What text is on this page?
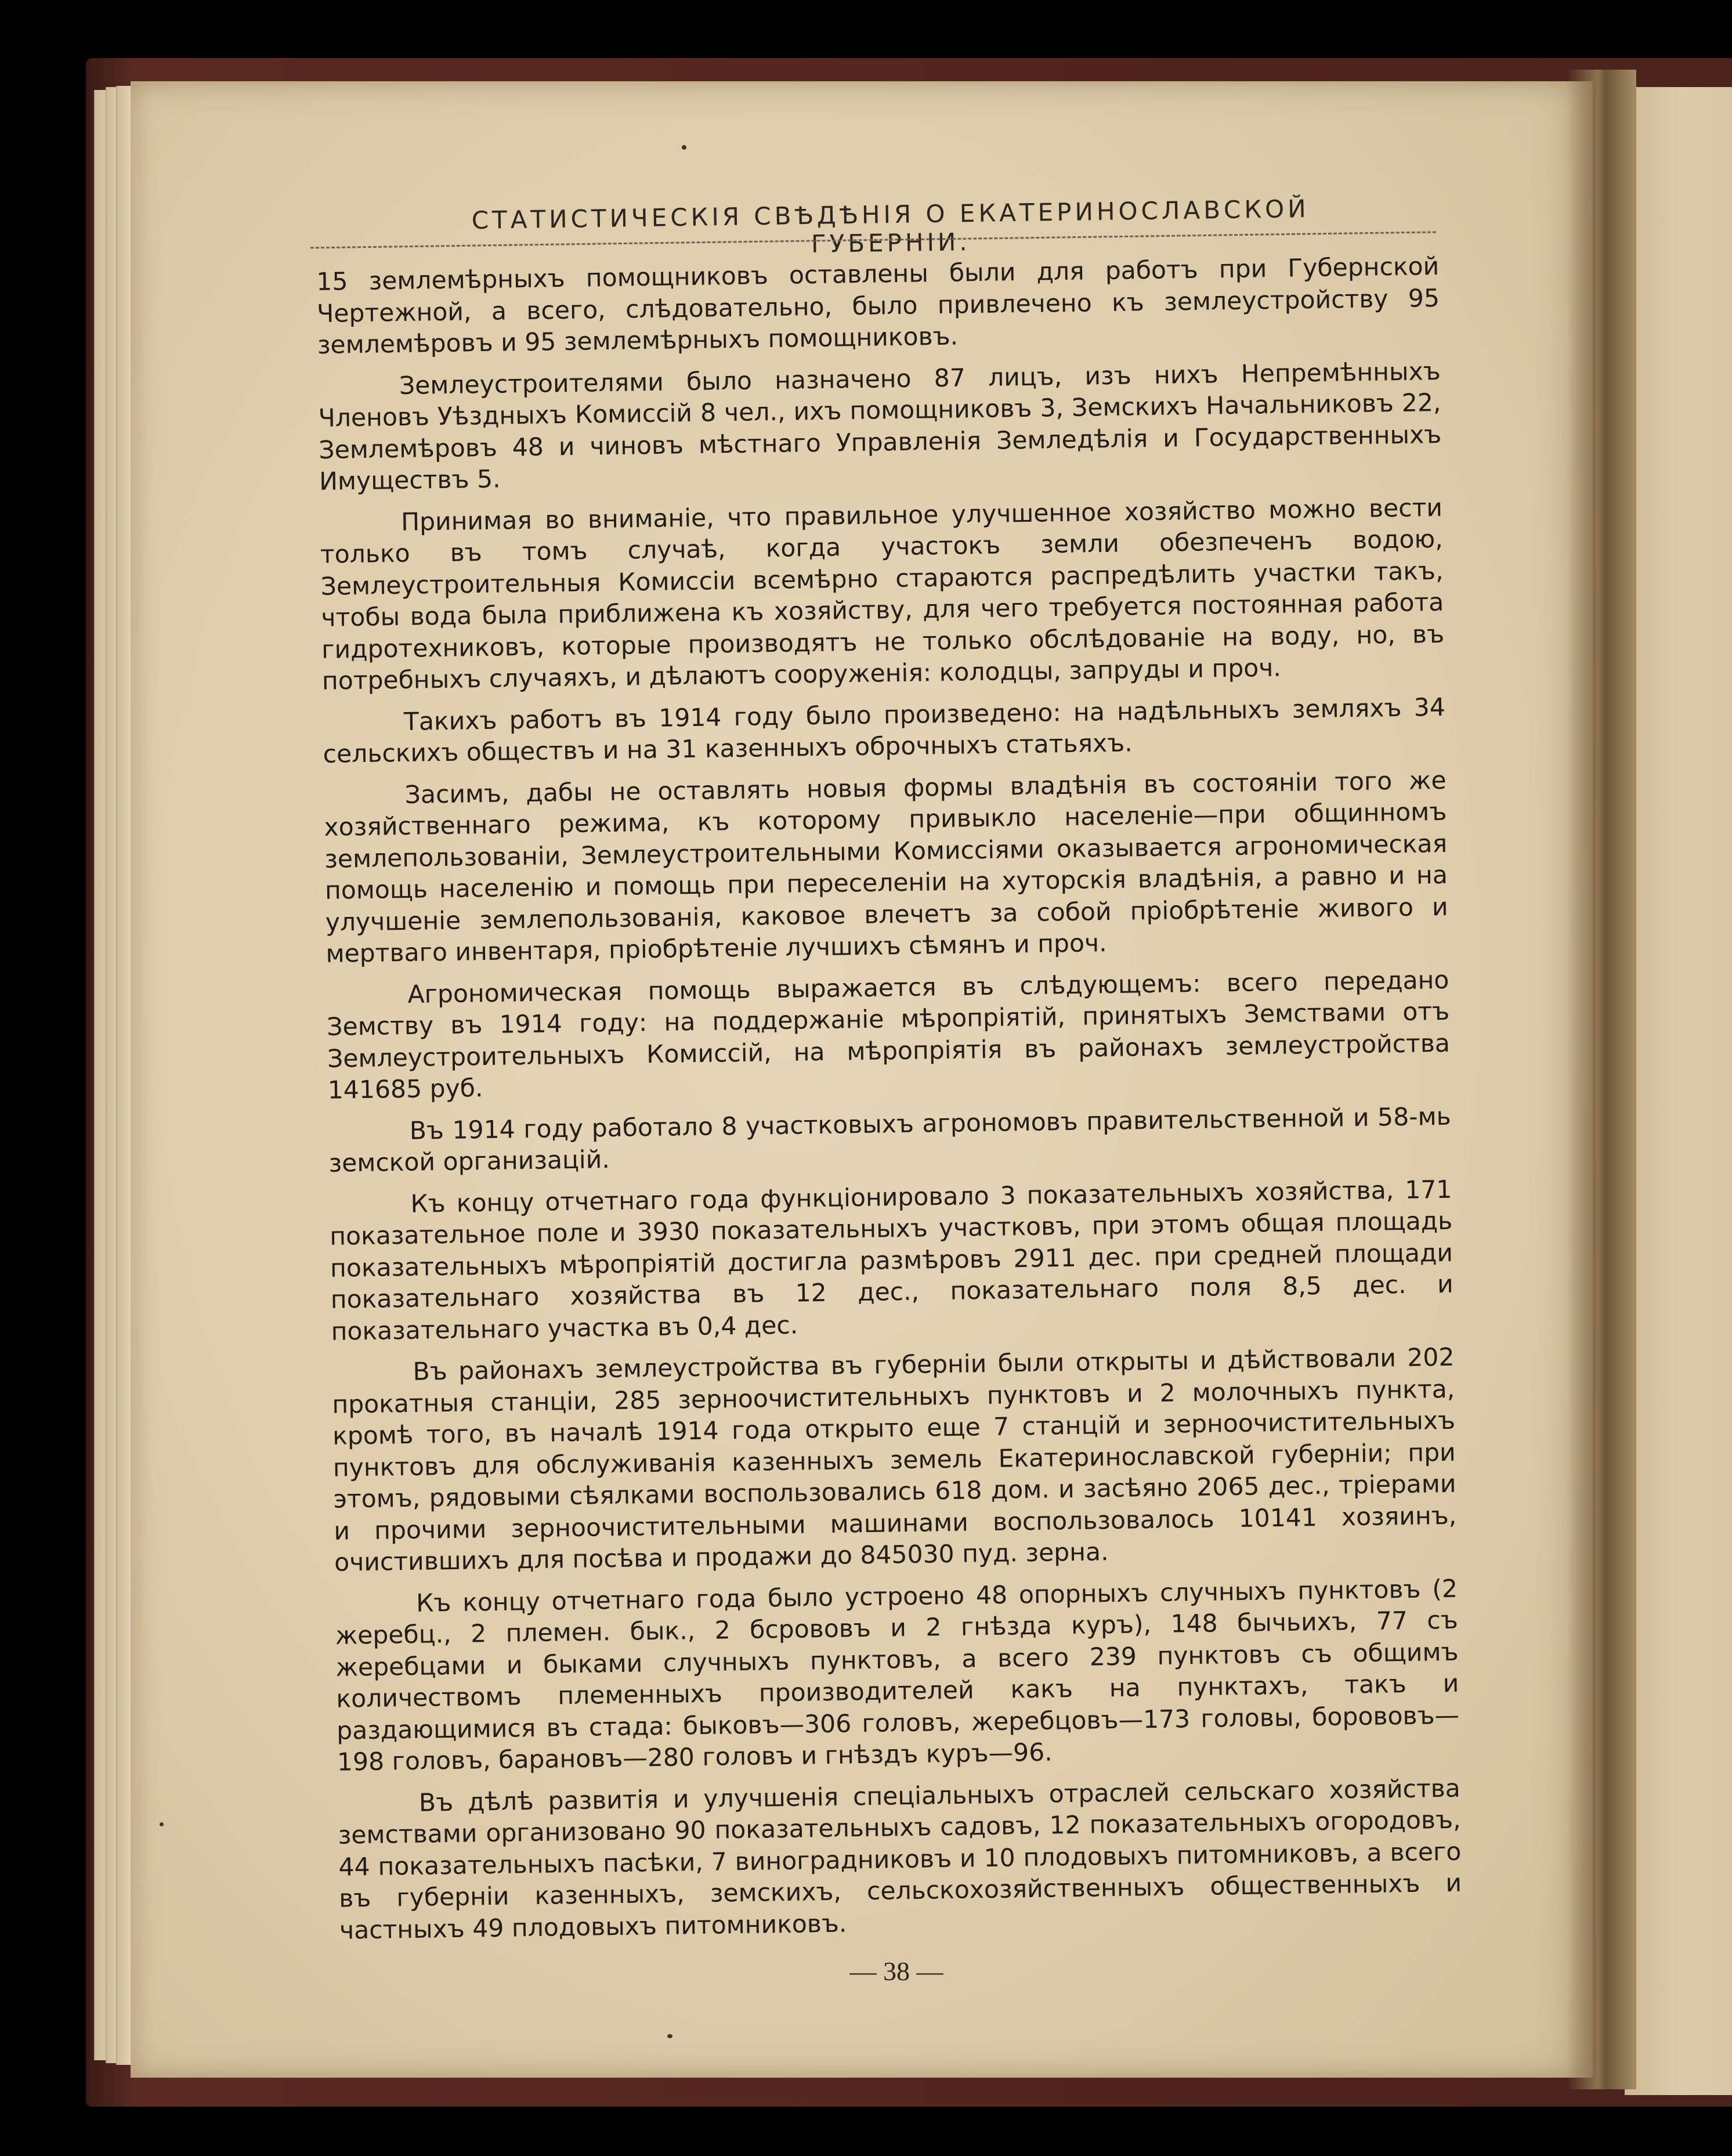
СТАТИСТИЧЕСКІЯ СВѢДѢНІЯ О ЕКАТЕРИНОСЛАВСКОЙ ГУБЕРНІИ.

15 землемѣрныхъ помощниковъ оставлены были для работъ при Губернской Чертежной, а всего, слѣдовательно, было привлечено къ землеустройству 95 землемѣровъ и 95 землемѣрныхъ помощниковъ.

Землеустроителями было назначено 87 лицъ, изъ нихъ Непремѣнныхъ Членовъ Уѣздныхъ Комиссій 8 чел., ихъ помощниковъ 3, Земскихъ Начальниковъ 22, Землемѣровъ 48 и чиновъ мѣстнаго Управленія Земледѣлія и Государственныхъ Имуществъ 5.

Принимая во вниманіе, что правильное улучшенное хозяйство можно вести только въ томъ случаѣ, когда участокъ земли обезпеченъ водою, Землеустроительныя Комиссіи всемѣрно стараются распредѣлить участки такъ, чтобы вода была приближена къ хозяйству, для чего требуется постоянная работа гидротехниковъ, которые производятъ не только обслѣдованіе на воду, но, въ потребныхъ случаяхъ, и дѣлаютъ сооруженія: колодцы, запруды и проч.

Такихъ работъ въ 1914 году было произведено: на надѣльныхъ земляхъ 34 сельскихъ обществъ и на 31 казенныхъ оброчныхъ статьяхъ.

Засимъ, дабы не оставлять новыя формы владѣнія въ состояніи того же хозяйственнаго режима, къ которому привыкло населеніе—при общинномъ землепользованіи, Землеустроительными Комиссіями оказывается агрономическая помощь населенію и помощь при переселеніи на хуторскія владѣнія, а равно и на улучшеніе землепользованія, каковое влечетъ за собой пріобрѣтеніе живого и мертваго инвентаря, пріобрѣтеніе лучшихъ сѣмянъ и проч.

Агрономическая помощь выражается въ слѣдующемъ: всего передано Земству въ 1914 году: на поддержаніе мѣропріятій, принятыхъ Земствами отъ Землеустроительныхъ Комиссій, на мѣропріятія въ районахъ землеустройства 141685 руб.

Въ 1914 году работало 8 участковыхъ агрономовъ правительственной и 58-мь земской организацій.

Къ концу отчетнаго года функціонировало 3 показательныхъ хозяйства, 171 показательное поле и 3930 показательныхъ участковъ, при этомъ общая площадь показательныхъ мѣропріятій достигла размѣровъ 2911 дес. при средней площади показательнаго хозяйства въ 12 дес., показательнаго поля 8,5 дес. и показательнаго участка въ 0,4 дес.

Въ районахъ землеустройства въ губерніи были открыты и дѣйствовали 202 прокатныя станціи, 285 зерноочистительныхъ пунктовъ и 2 молочныхъ пункта, кромѣ того, въ началѣ 1914 года открыто еще 7 станцій и зерноочистительныхъ пунктовъ для обслуживанія казенныхъ земель Екатеринославской губерніи; при этомъ, рядовыми сѣялками воспользовались 618 дом. и засѣяно 2065 дес., тріерами и прочими зерноочистительными машинами воспользовалось 10141 хозяинъ, очистившихъ для посѣва и продажи до 845030 пуд. зерна.

Къ концу отчетнаго года было устроено 48 опорныхъ случныхъ пунктовъ (2 жеребц., 2 племен. бык., 2 бсрововъ и 2 гнѣзда куръ), 148 бычьихъ, 77 съ жеребцами и быками случныхъ пунктовъ, а всего 239 пунктовъ съ общимъ количествомъ племенныхъ производителей какъ на пунктахъ, такъ и раздающимися въ стада: быковъ—306 головъ, жеребцовъ—173 головы, борововъ—198 головъ, барановъ—280 головъ и гнѣздъ куръ—96.

Въ дѣлѣ развитія и улучшенія спеціальныхъ отраслей сельскаго хозяйства земствами организовано 90 показательныхъ садовъ, 12 показательныхъ огородовъ, 44 показательныхъ пасѣки, 7 виноградниковъ и 10 плодовыхъ питомниковъ, а всего въ губерніи казенныхъ, земскихъ, сельскохозяйственныхъ общественныхъ и частныхъ 49 плодовыхъ питомниковъ.

— 38 —
